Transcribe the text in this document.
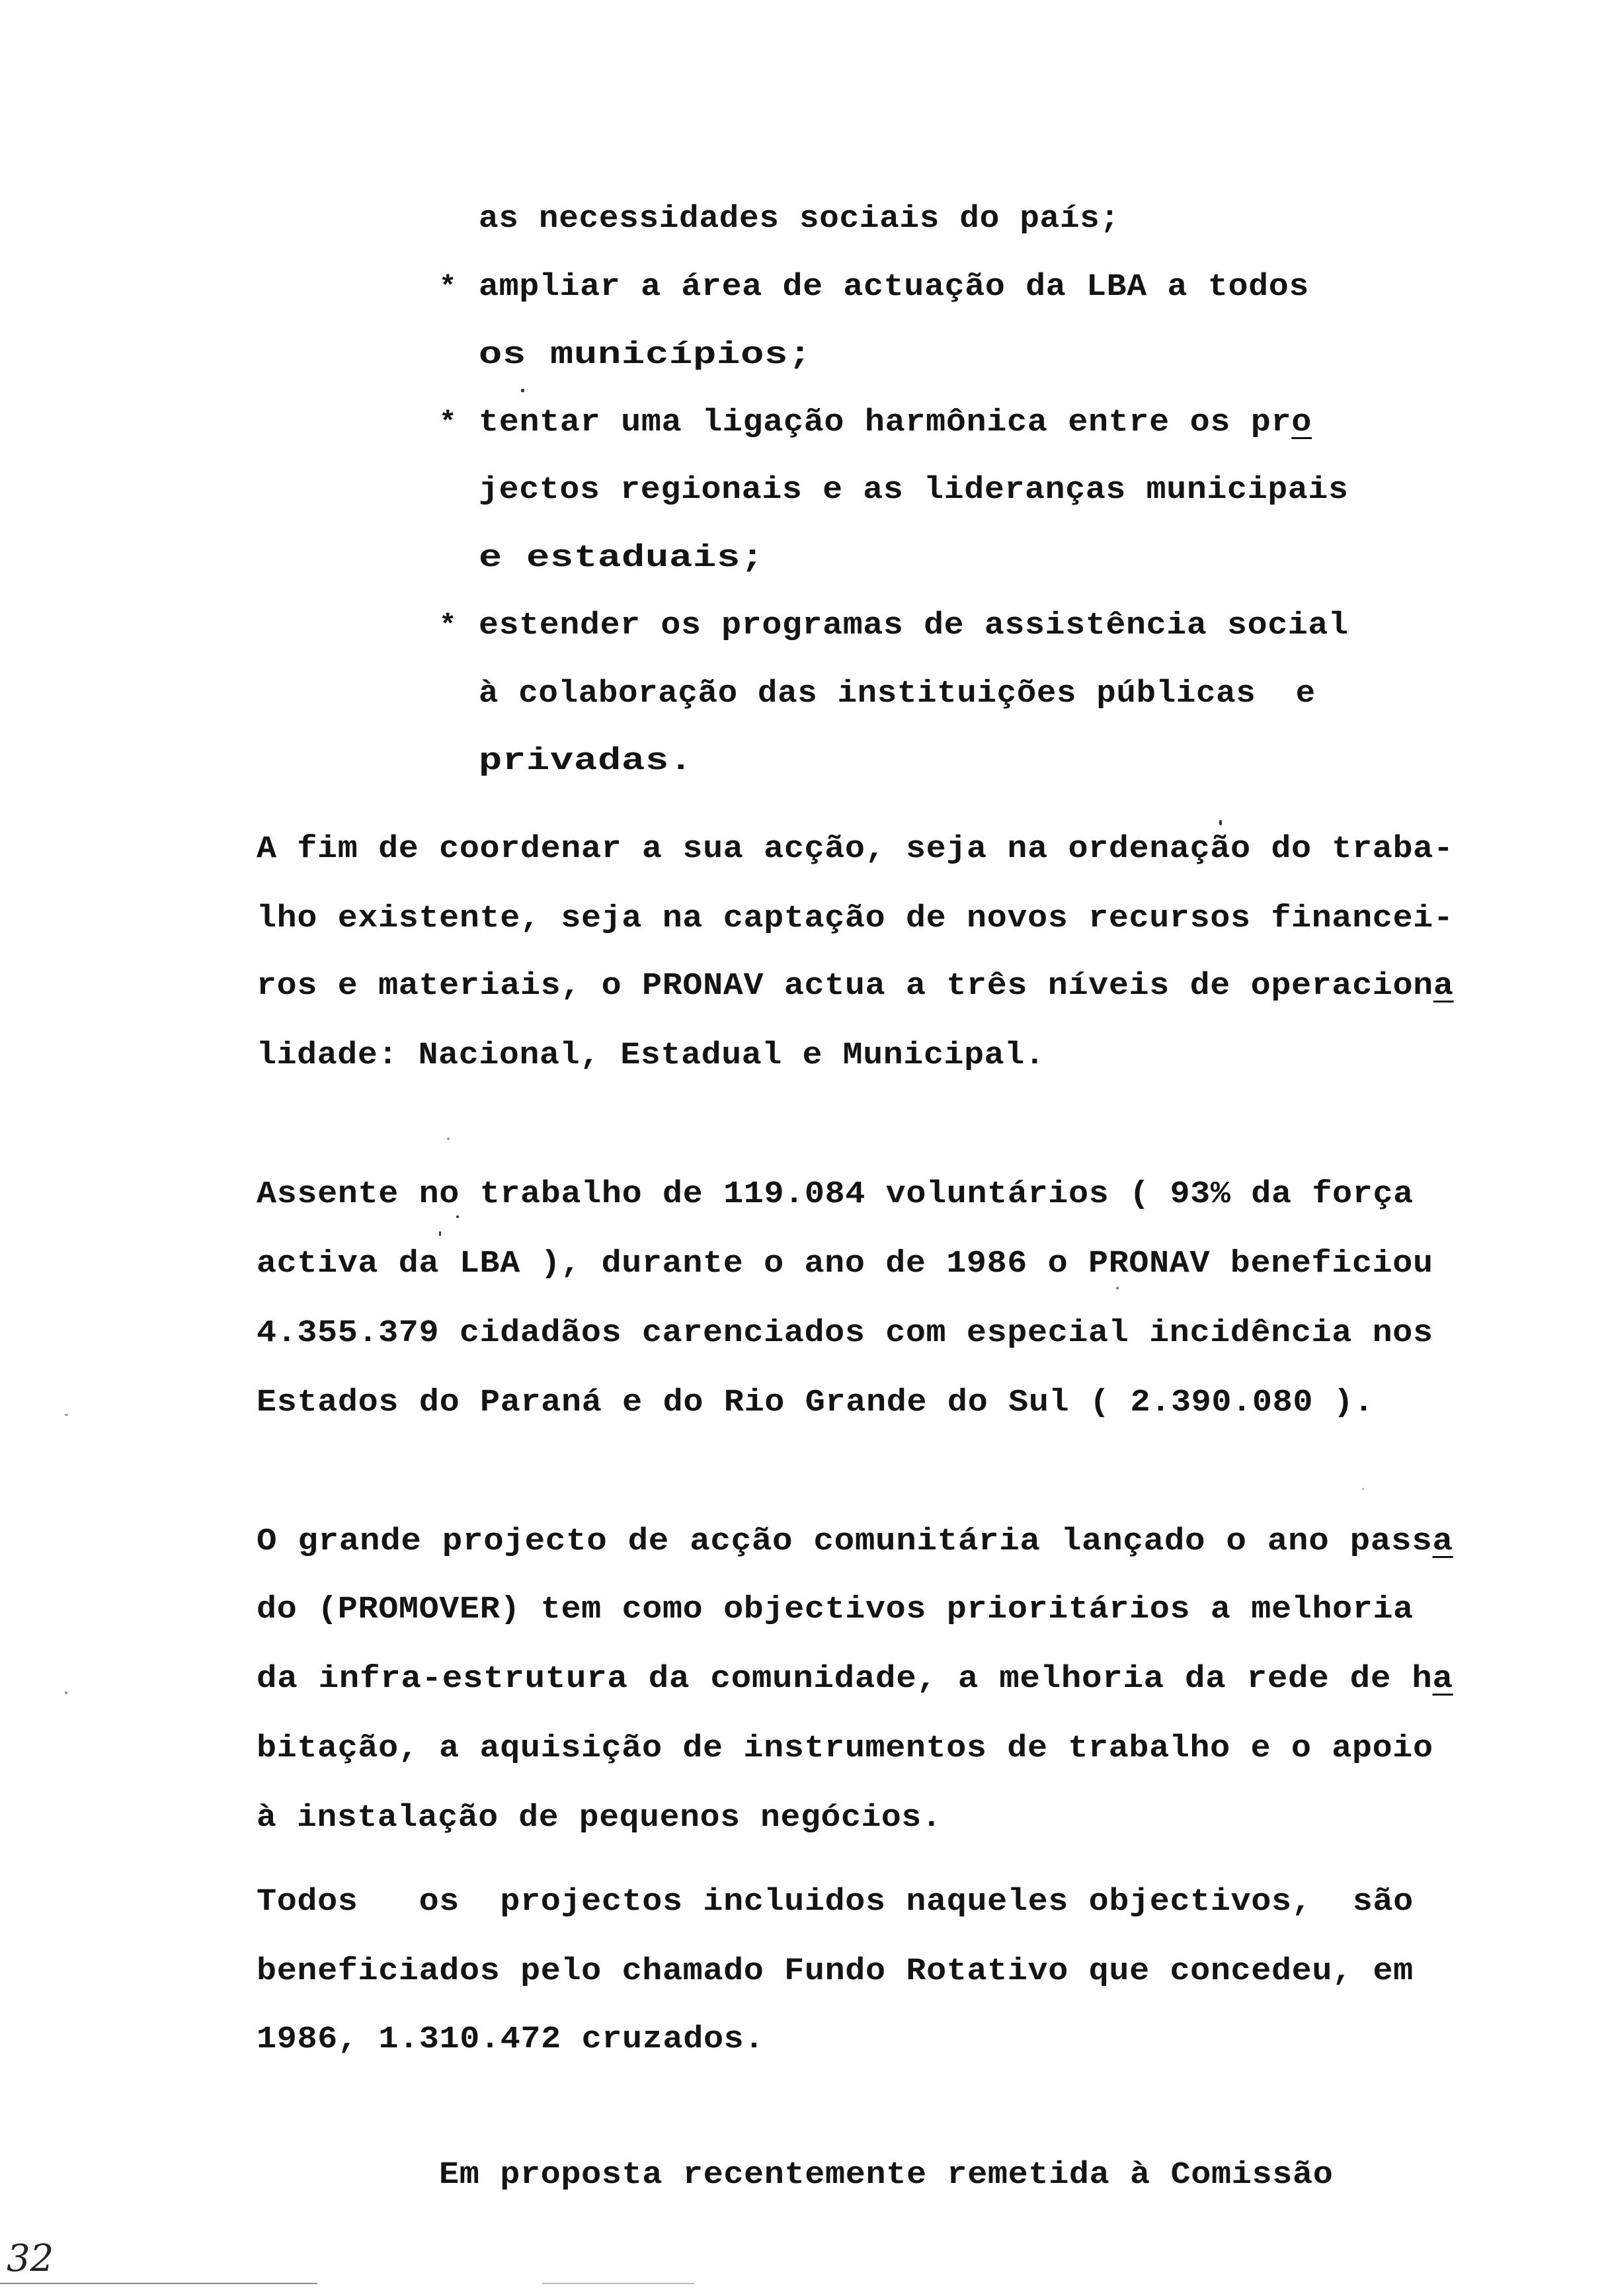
as necessidades sociais do país;

* ampliar a área de actuação da LBA a todos

os municípios;

* tentar uma ligação harmônica entre os pro

jectos regionais e as lideranças municipais

e estaduais;

* estender os programas de assistência social

à colaboração das instituições públicas  e

privadas.

A fim de coordenar a sua acção, seja na ordenação do traba-

lho existente, seja na captação de novos recursos financei-

ros e materiais, o PRONAV actua a três níveis de operaciona

lidade: Nacional, Estadual e Municipal.

Assente no trabalho de 119.084 voluntários ( 93% da força

activa da LBA ), durante o ano de 1986 o PRONAV beneficiou

4.355.379 cidadãos carenciados com especial incidência nos

Estados do Paraná e do Rio Grande do Sul ( 2.390.080 ).

O grande projecto de acção comunitária lançado o ano passa

do (PROMOVER) tem como objectivos prioritários a melhoria

da infra-estrutura da comunidade, a melhoria da rede de ha

bitação, a aquisição de instrumentos de trabalho e o apoio

à instalação de pequenos negócios.

Todos   os  projectos incluidos naqueles objectivos,  são

beneficiados pelo chamado Fundo Rotativo que concedeu, em

1986, 1.310.472 cruzados.

Em proposta recentemente remetida à Comissão

32
